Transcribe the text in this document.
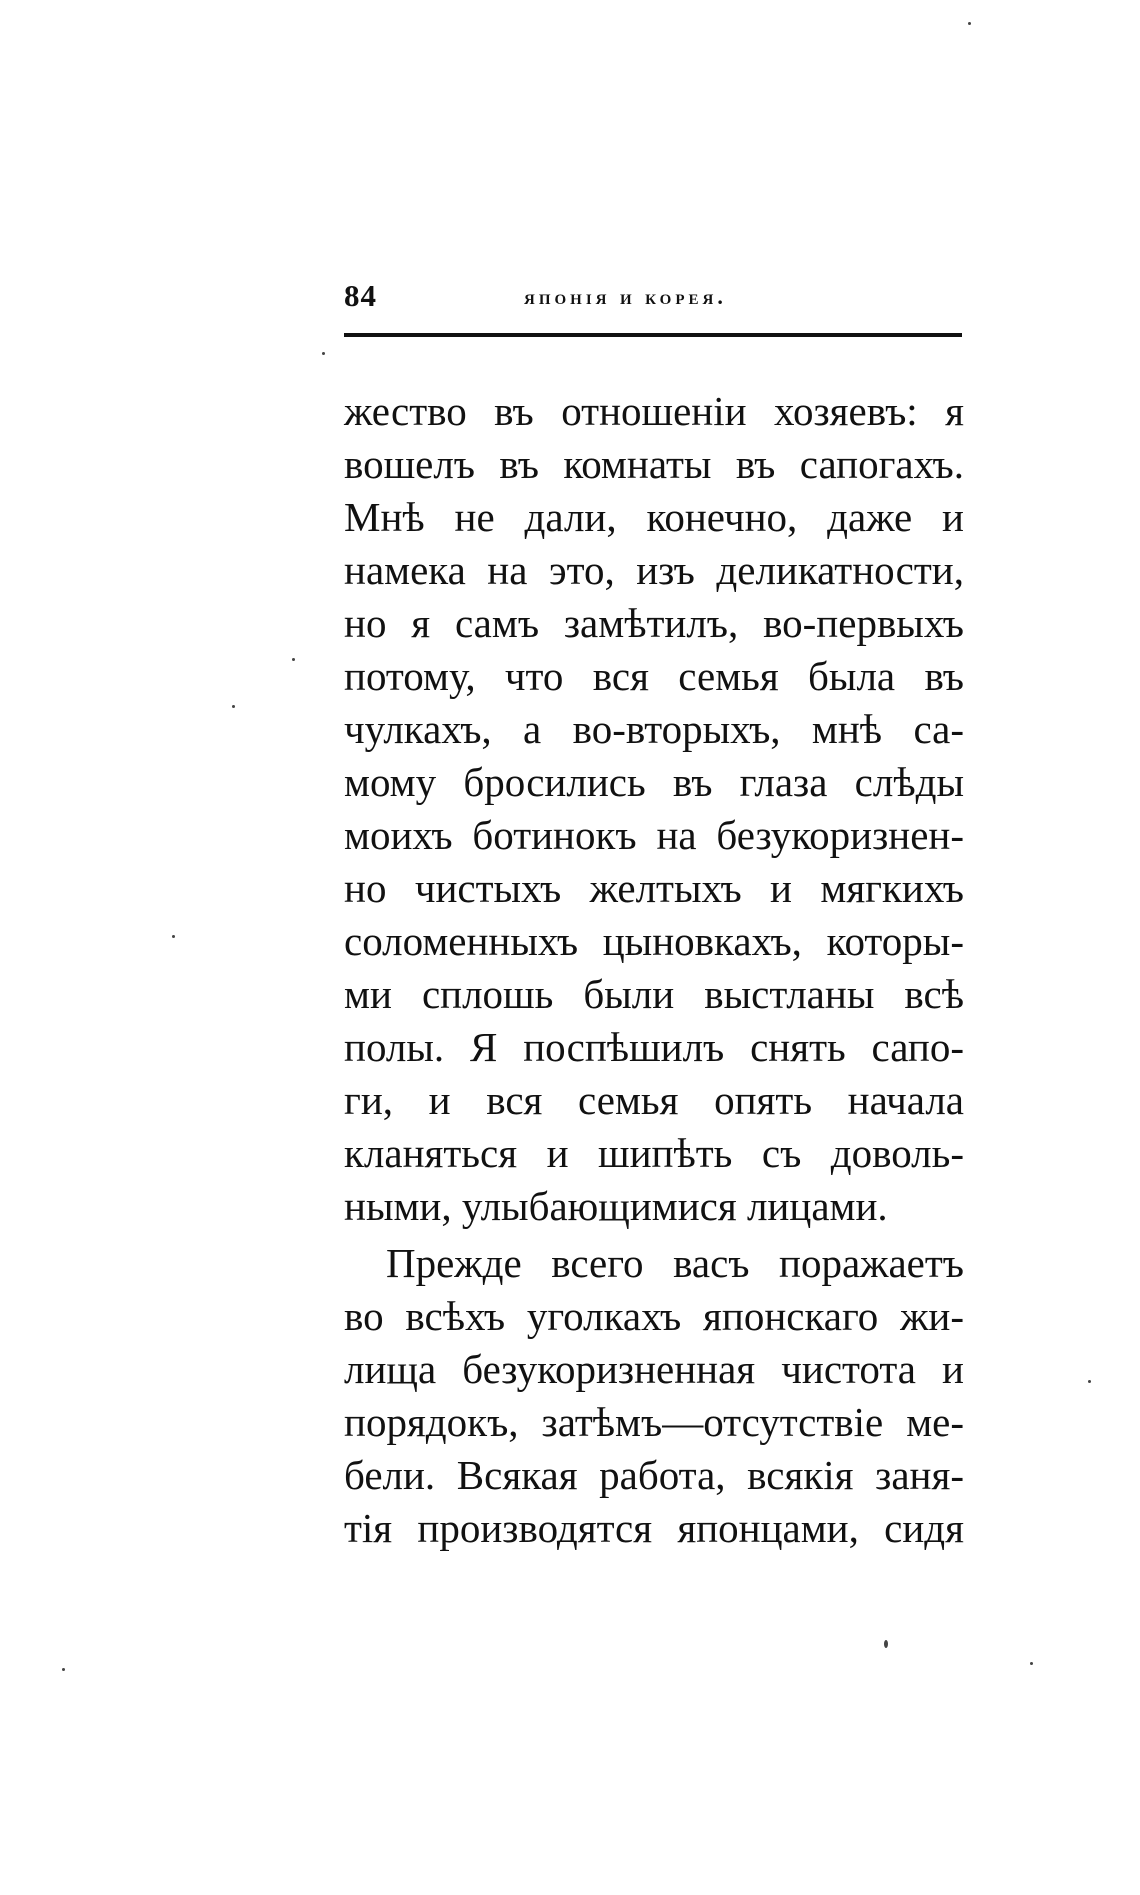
84	японія и корея.
жество въ отношеніи хозяевъ: я
вошелъ въ комнаты въ сапогахъ.
Мнѣ не дали, конечно, даже и
намека на это, изъ деликатности,
но я самъ замѣтилъ, во-первыхъ
потому, что вся семья была въ
чулкахъ, а во-вторыхъ, мнѣ са-
мому бросились въ глаза слѣды
моихъ ботинокъ на безукоризнен-
но чистыхъ желтыхъ и мягкихъ
соломенныхъ цыновкахъ, которы-
ми сплошь были выстланы всѣ
полы. Я поспѣшилъ снять сапо-
ги, и вся семья опять начала
кланяться и шипѣть съ доволь-
ными, улыбающимися лицами.
Прежде всего васъ поражаетъ
во всѣхъ уголкахъ японскаго жи-
лища безукоризненная чистота и
порядокъ, затѣмъ—отсутствіе ме-
бели. Всякая работа, всякія заня-
тія производятся японцами, сидя
